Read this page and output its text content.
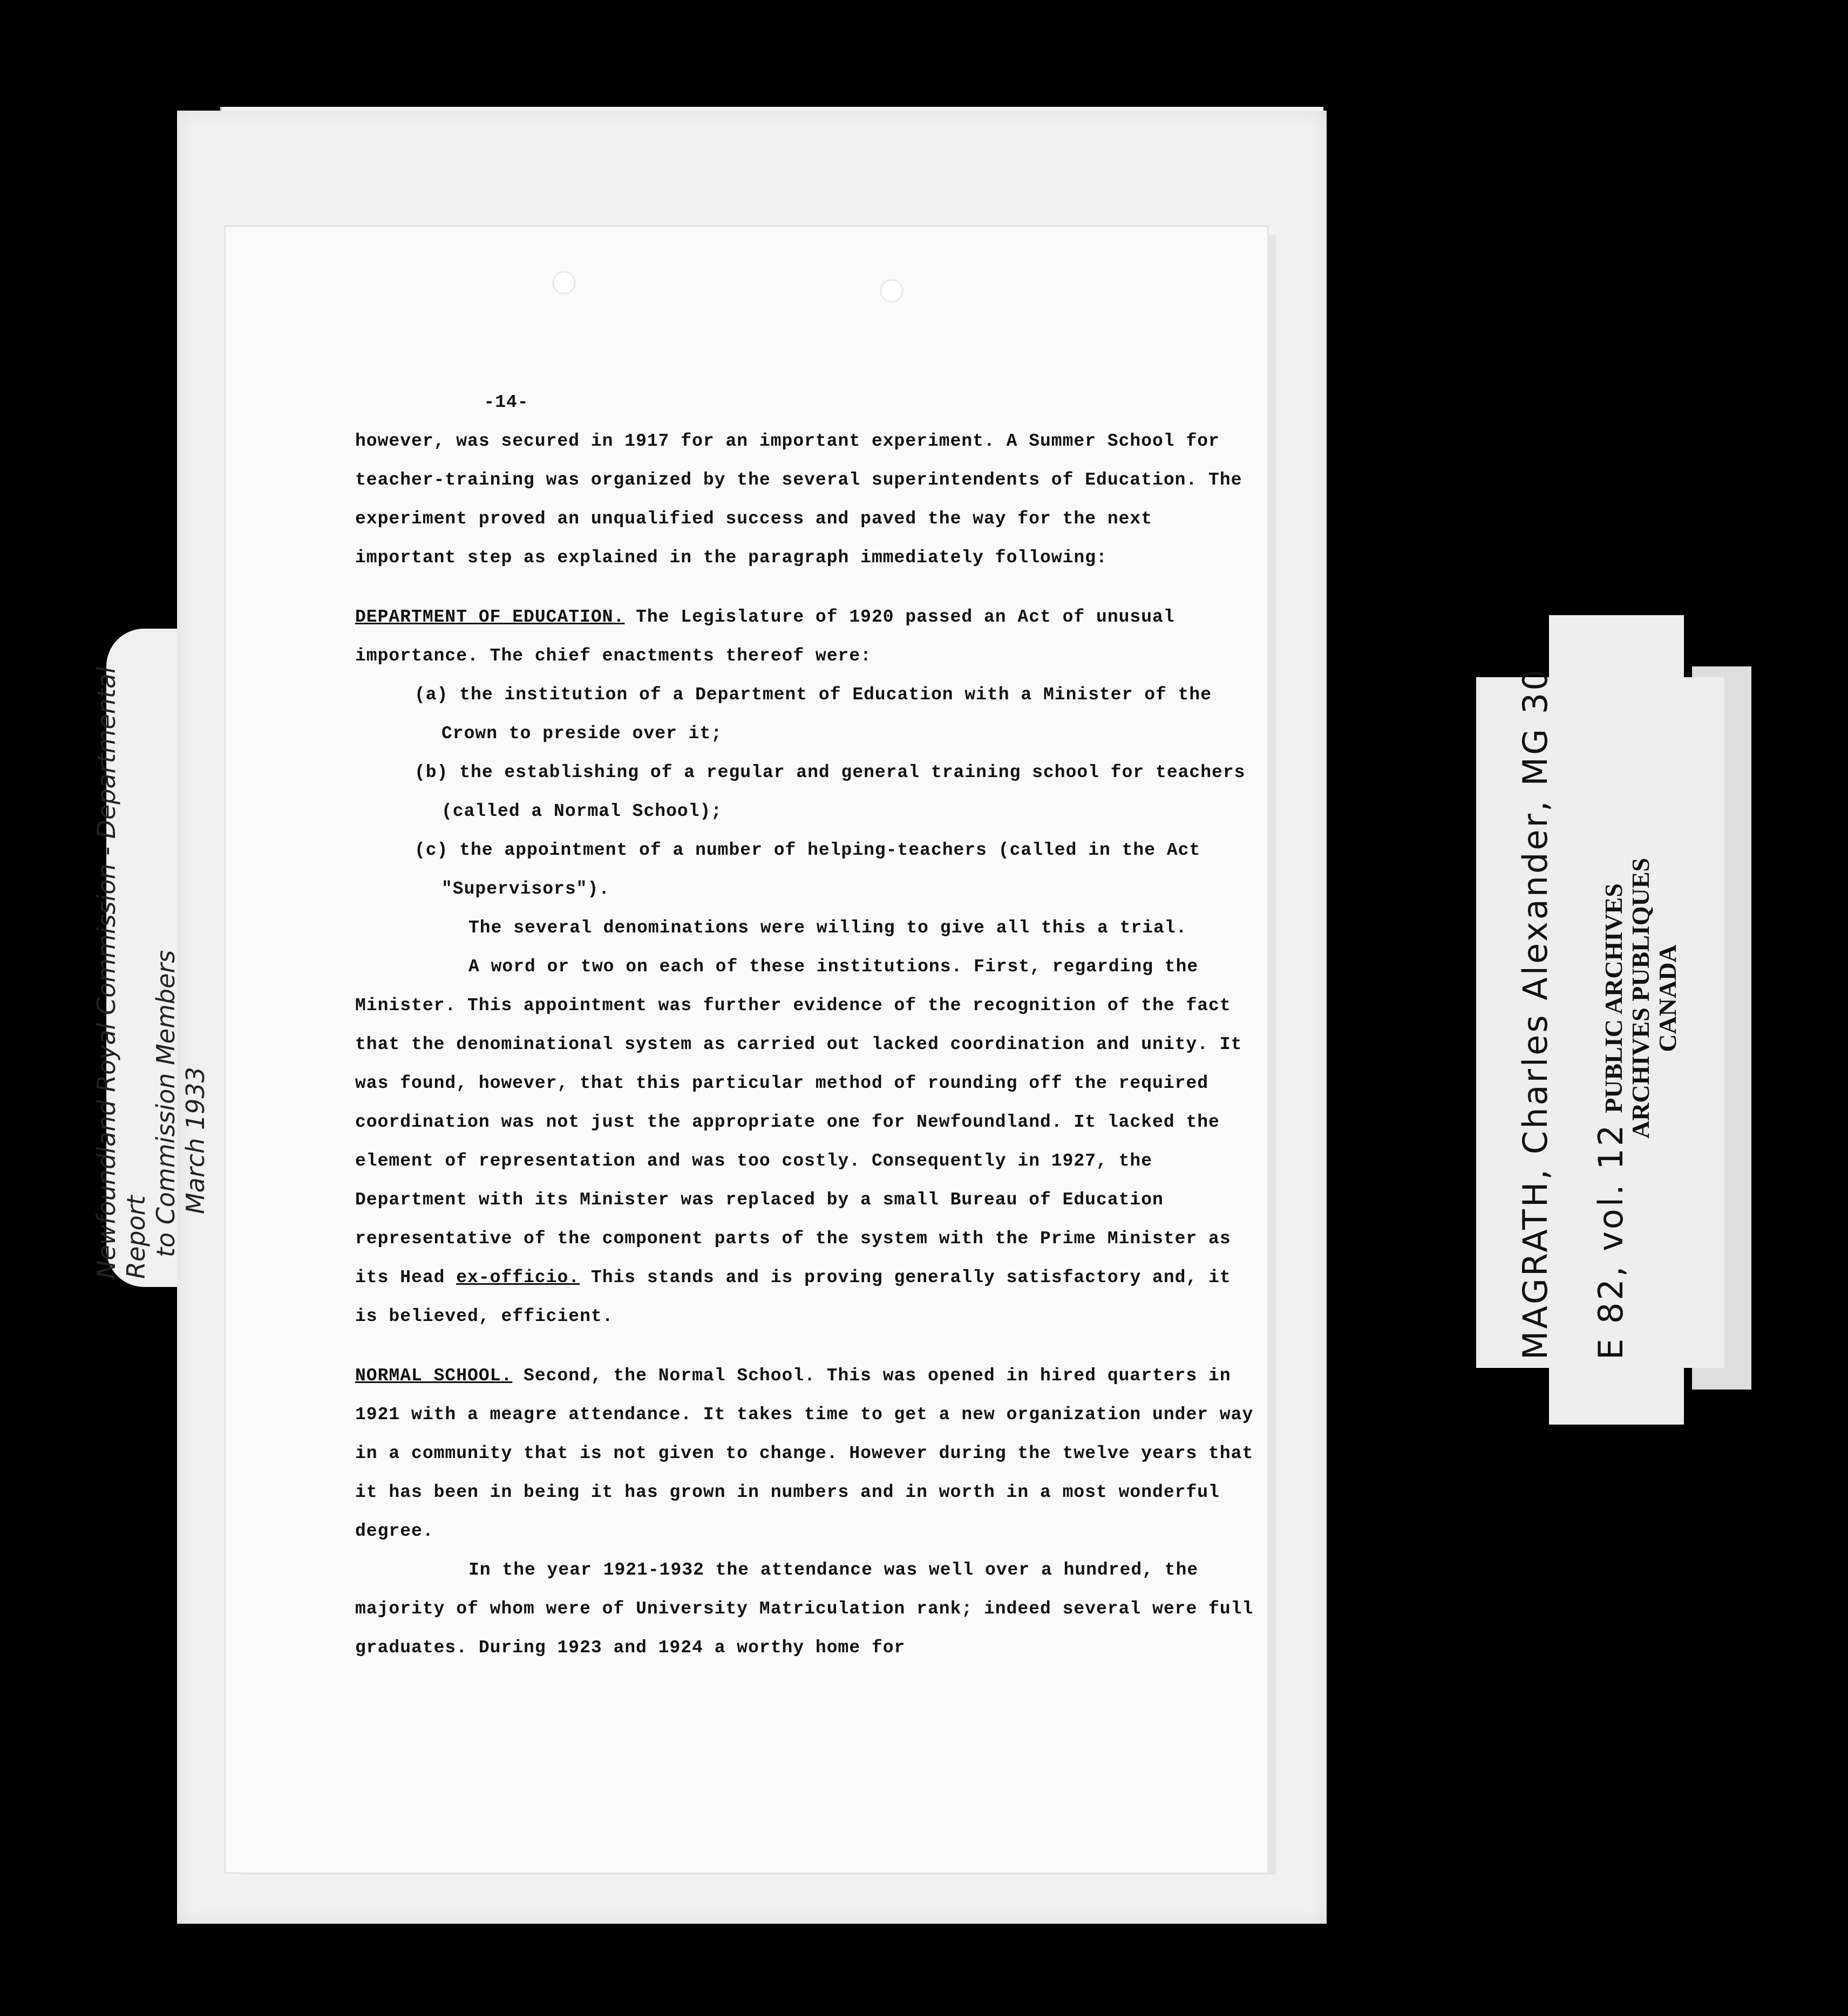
Newfoundland Royal Commission - Departmental Report to Commission Members March 1933

-14-

however, was secured in 1917 for an important experiment. A Summer School for teacher-training was organized by the several superintendents of Education. The experiment proved an unqualified success and paved the way for the next important step as explained in the paragraph immediately following:

DEPARTMENT OF EDUCATION. The Legislature of 1920 passed an Act of unusual importance. The chief enactments thereof were:

(a) the institution of a Department of Education with a Minister of the Crown to preside over it;

(b) the establishing of a regular and general training school for teachers (called a Normal School);

(c) the appointment of a number of helping-teachers (called in the Act "Supervisors").

The several denominations were willing to give all this a trial.

A word or two on each of these institutions. First, regarding the Minister. This appointment was further evidence of the recognition of the fact that the denominational system as carried out lacked coordination and unity. It was found, however, that this particular method of rounding off the required coordination was not just the appropriate one for Newfoundland. It lacked the element of representation and was too costly. Consequently in 1927, the Department with its Minister was replaced by a small Bureau of Education representative of the component parts of the system with the Prime Minister as its Head ex-officio. This stands and is proving generally satisfactory and, it is believed, efficient.

NORMAL SCHOOL. Second, the Normal School. This was opened in hired quarters in 1921 with a meagre attendance. It takes time to get a new organization under way in a community that is not given to change. However during the twelve years that it has been in being it has grown in numbers and in worth in a most wonderful degree.

In the year 1921-1932 the attendance was well over a hundred, the majority of whom were of University Matriculation rank; indeed several were full graduates. During 1923 and 1924 a worthy home for

MAGRATH, Charles Alexander, MG 30 E 82, vol. 12
PUBLIC ARCHIVES ARCHIVES PUBLIQUES CANADA
